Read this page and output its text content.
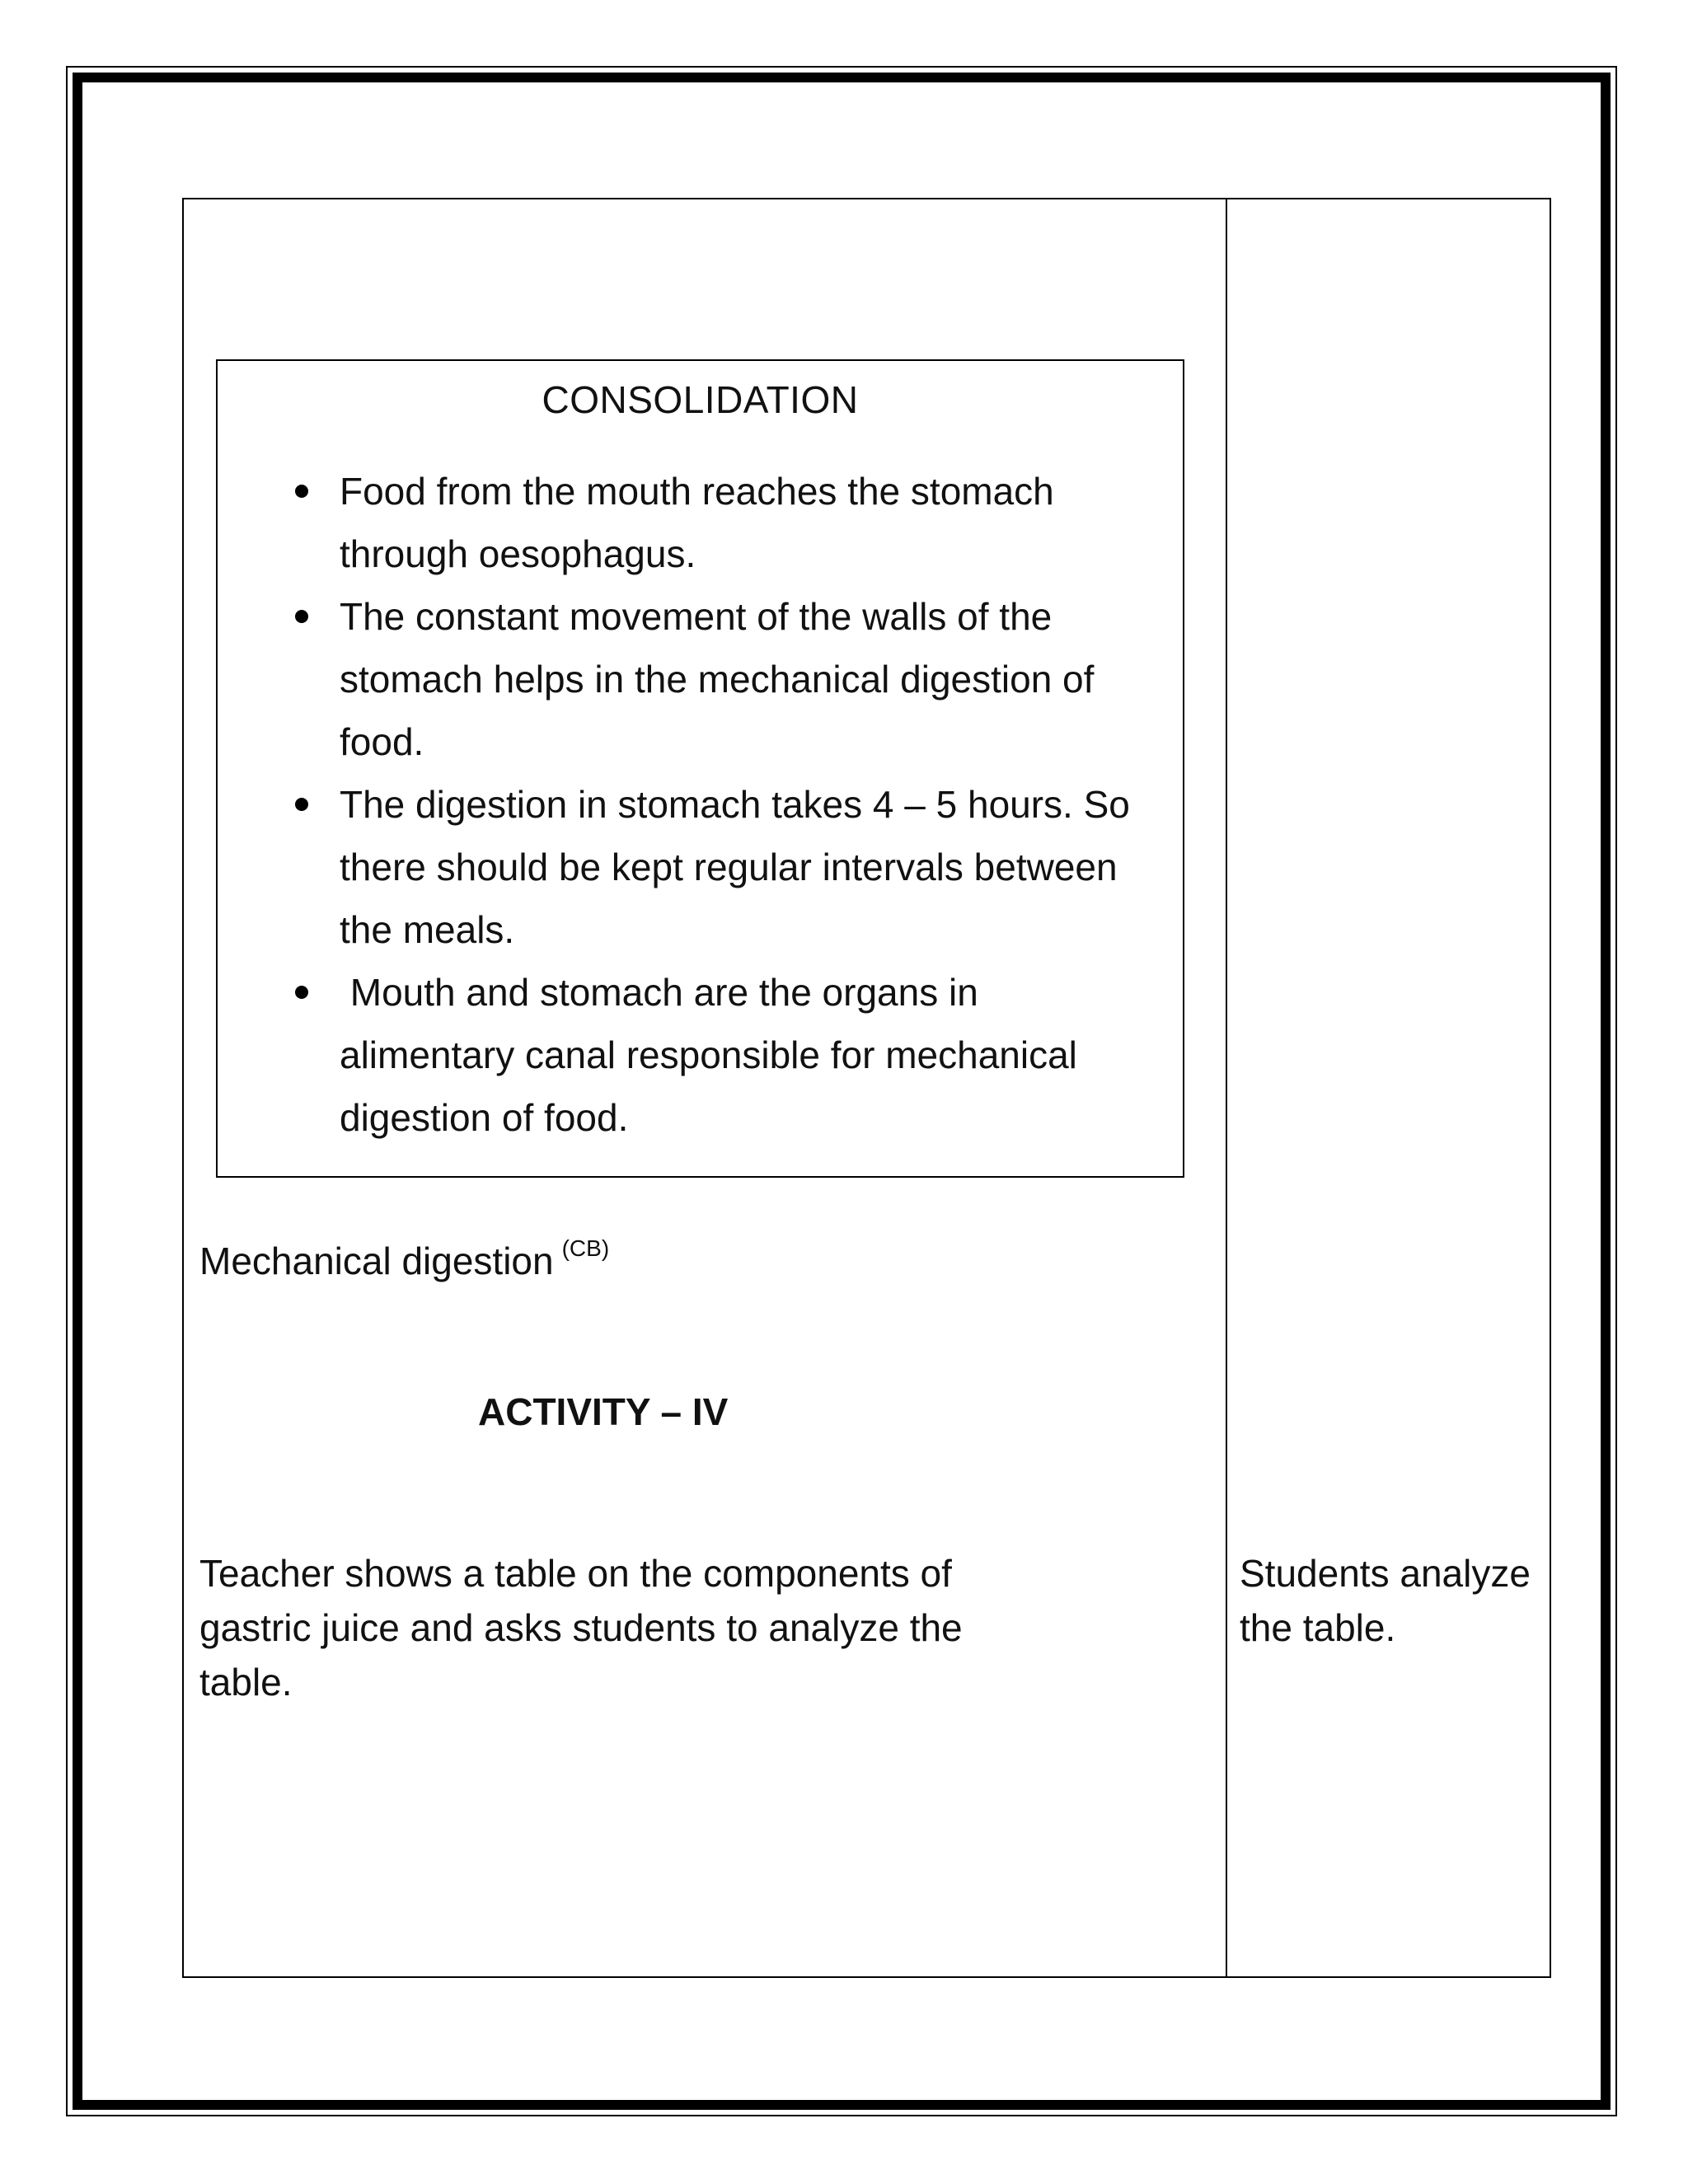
CONSOLIDATION
Food from the mouth reaches the stomach through oesophagus.
The constant movement of the walls of the stomach helps in the mechanical digestion of food.
The digestion in stomach takes 4 – 5 hours. So there should be kept regular intervals between the meals.
Mouth and stomach are the organs in alimentary canal responsible for mechanical digestion of food.
Mechanical digestion $^{(CB)}$
ACTIVITY – IV
Teacher shows a table on the components of gastric juice and asks students to analyze the table.
Students analyze the table.
